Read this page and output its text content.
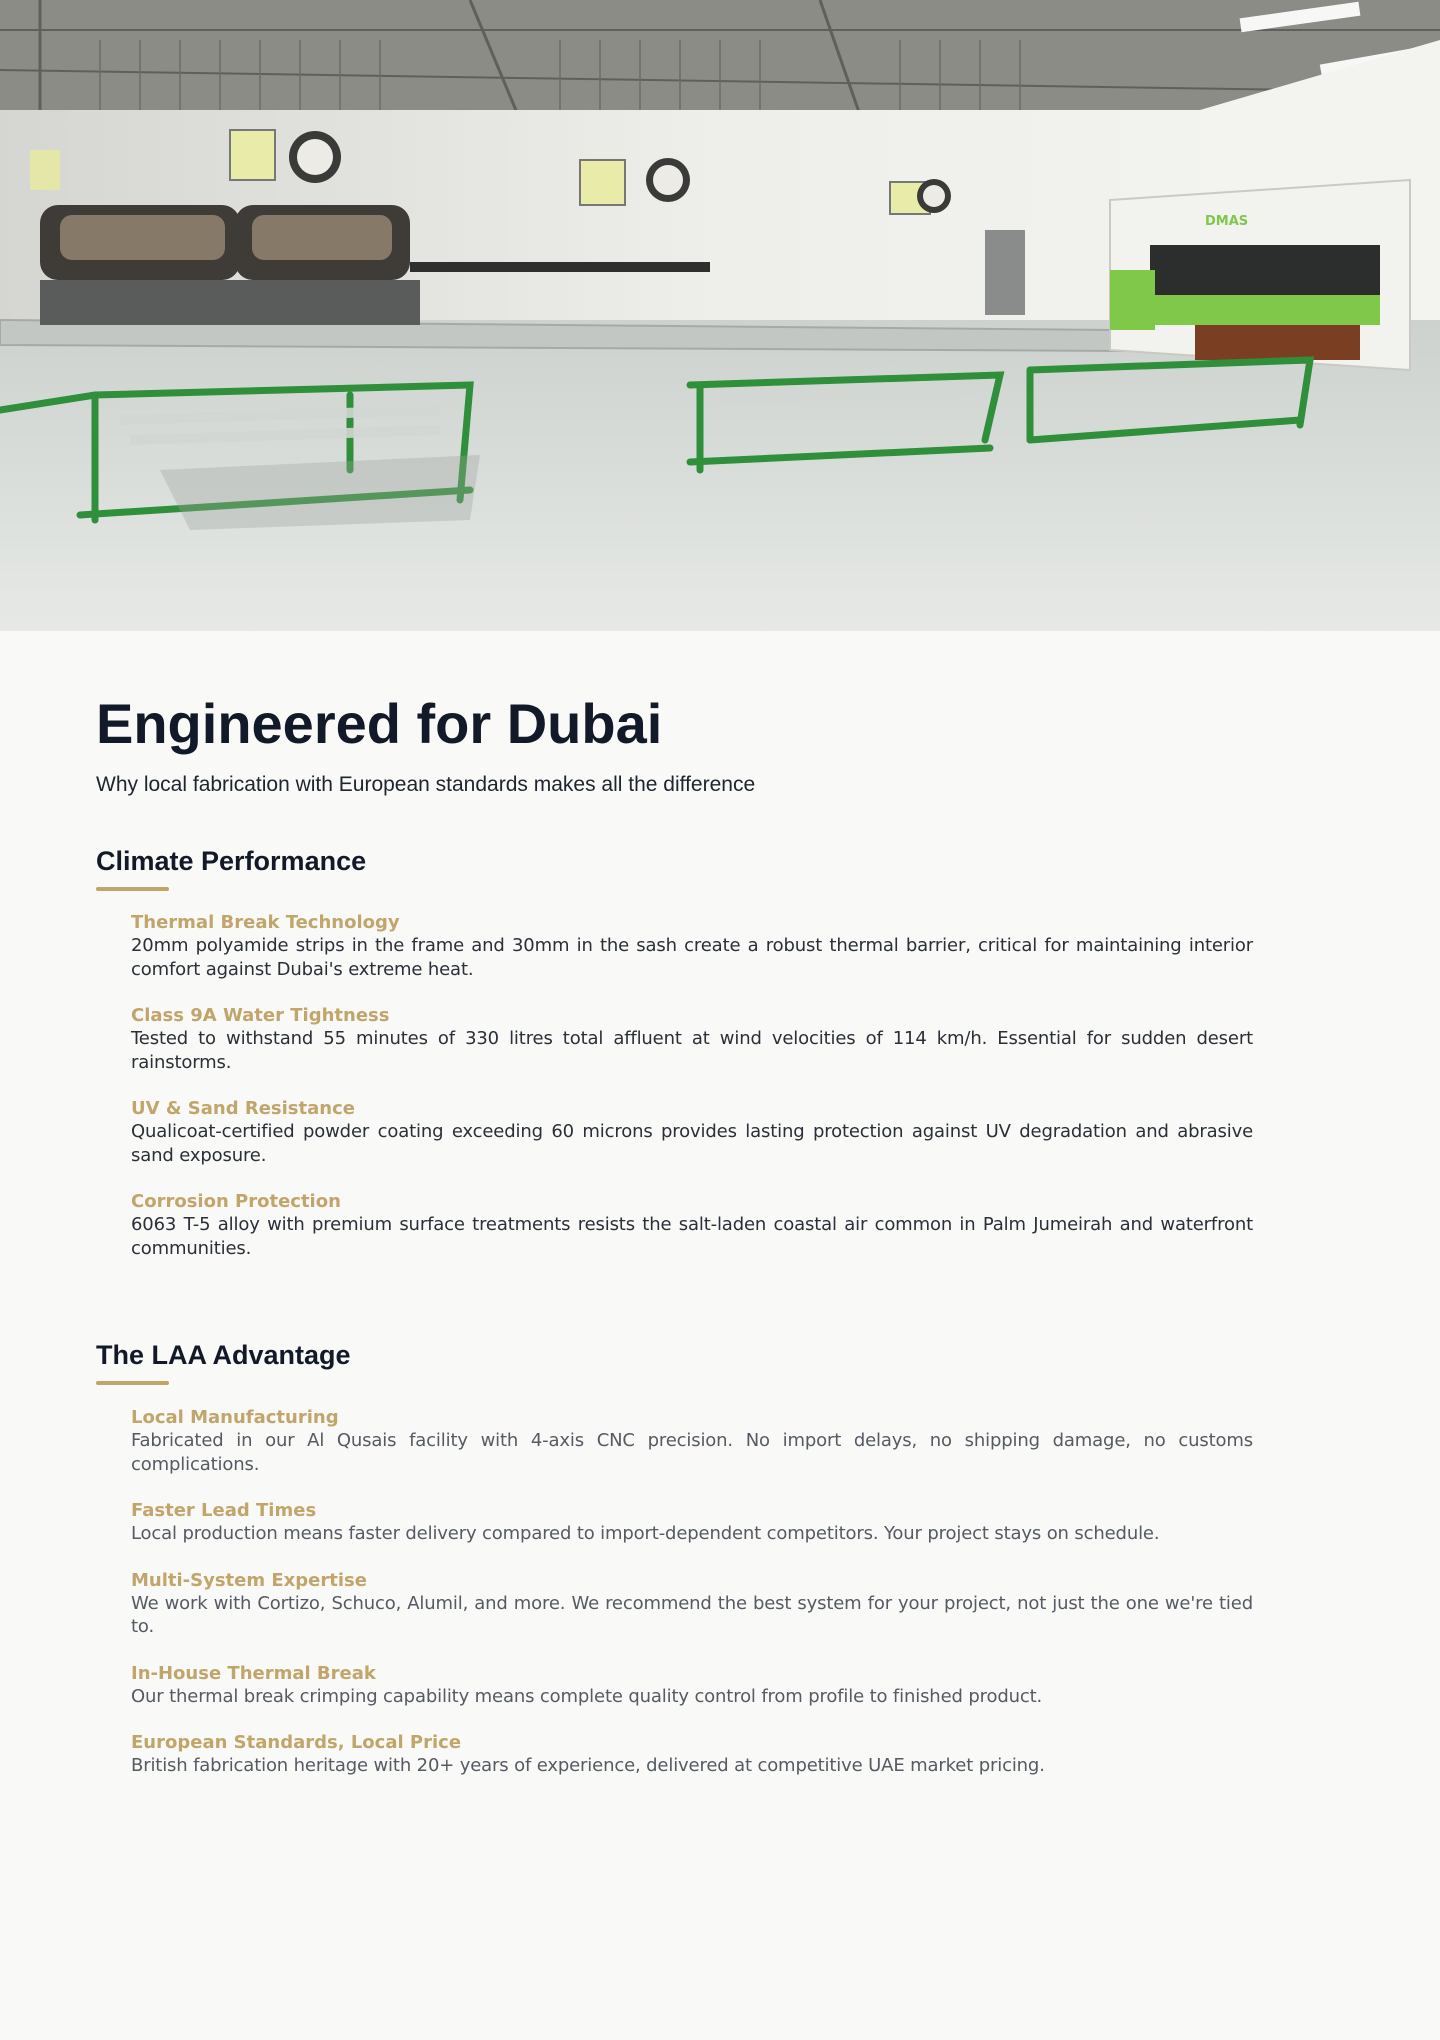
DMAS
Engineered for Dubai
Why local fabrication with European standards makes all the difference
Climate Performance
Thermal Break Technology
20mm polyamide strips in the frame and 30mm in the sash create a robust thermal barrier, critical for maintaining interior comfort against Dubai's extreme heat.
Class 9A Water Tightness
Tested to withstand 55 minutes of 330 litres total affluent at wind velocities of 114 km/h. Essential for sudden desert rainstorms.
UV & Sand Resistance
Qualicoat-certified powder coating exceeding 60 microns provides lasting protection against UV degradation and abrasive sand exposure.
Corrosion Protection
6063 T-5 alloy with premium surface treatments resists the salt-laden coastal air common in Palm Jumeirah and waterfront communities.
The LAA Advantage
Local Manufacturing
Fabricated in our Al Qusais facility with 4-axis CNC precision. No import delays, no shipping damage, no customs complications.
Faster Lead Times
Local production means faster delivery compared to import-dependent competitors. Your project stays on schedule.
Multi-System Expertise
We work with Cortizo, Schuco, Alumil, and more. We recommend the best system for your project, not just the one we're tied to.
In-House Thermal Break
Our thermal break crimping capability means complete quality control from profile to finished product.
European Standards, Local Price
British fabrication heritage with 20+ years of experience, delivered at competitive UAE market pricing.
